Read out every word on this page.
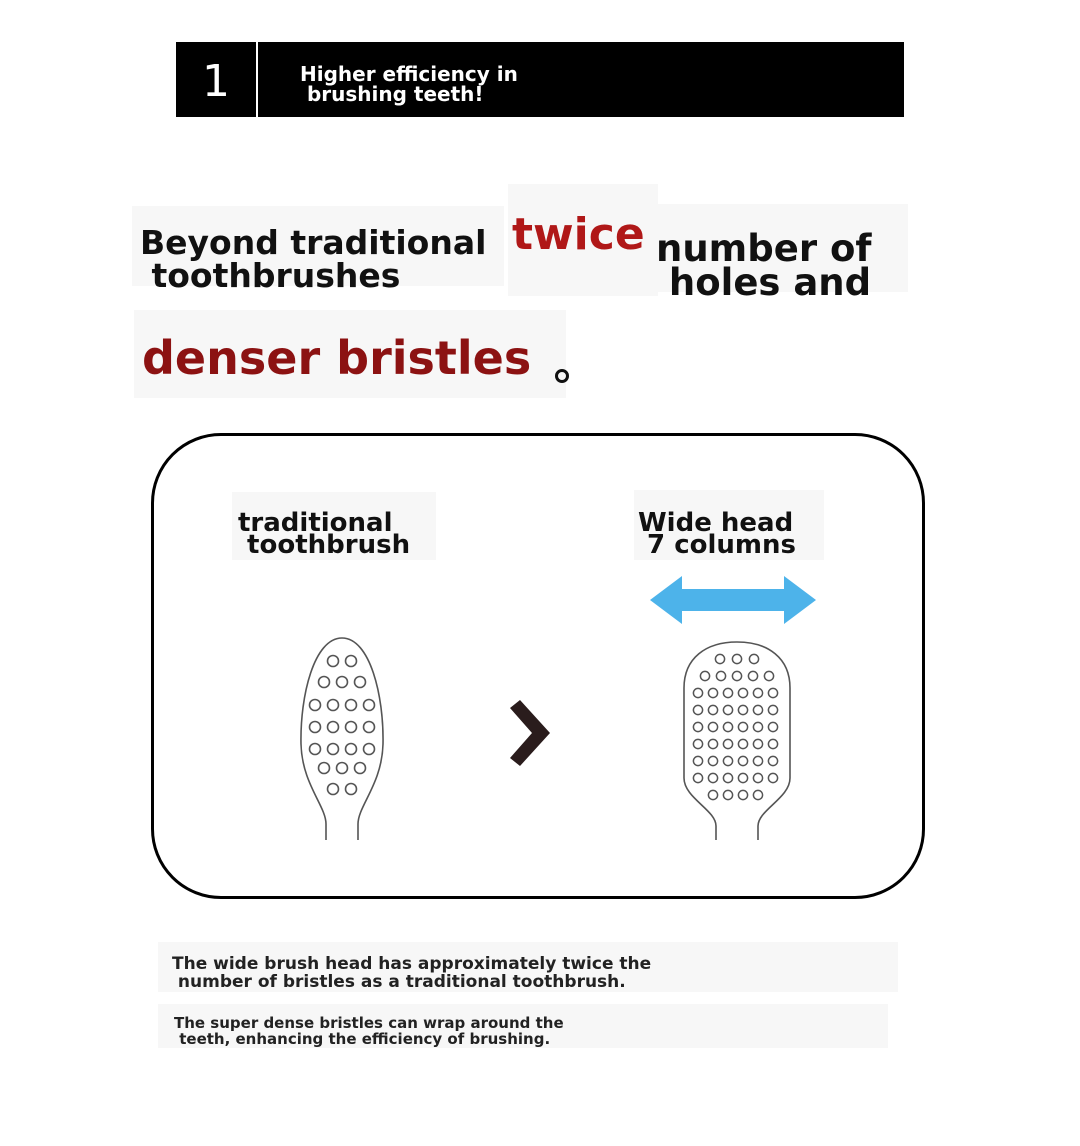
1	Higher efficiency in
brushing teeth!

Beyond traditional
toothbrushes

twice number of
holes and

denser bristles

traditional
toothbrush

Wide head
7 columns

The wide brush head has approximately twice the
number of bristles as a traditional toothbrush.

The super dense bristles can wrap around the
teeth, enhancing the efficiency of brushing.
